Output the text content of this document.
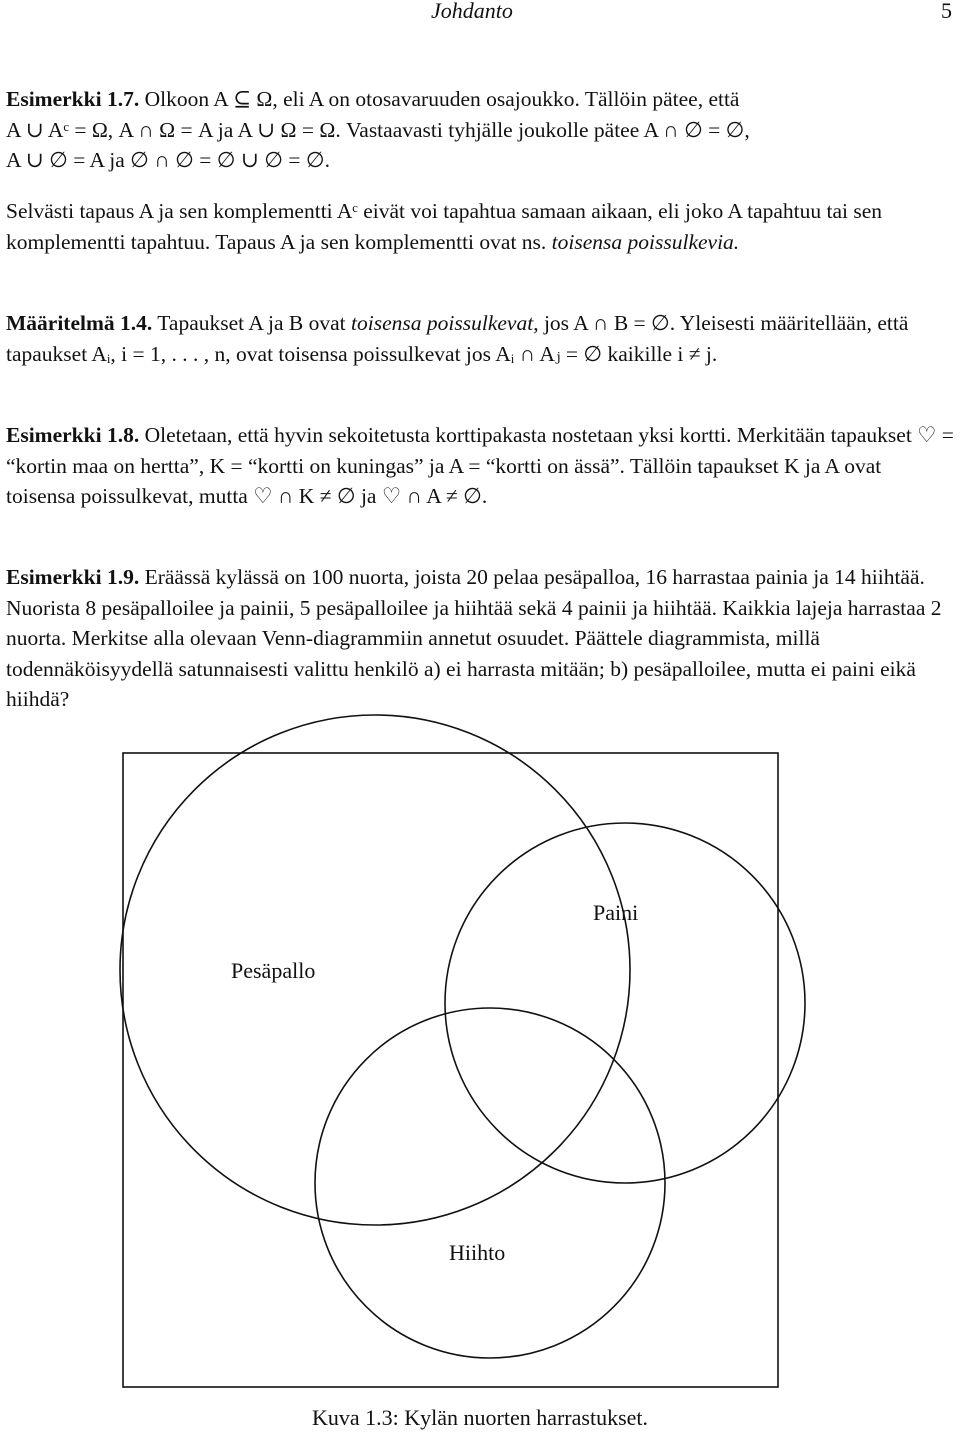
Johdanto	5

Esimerkki 1.7. Olkoon A ⊆ Ω, eli A on otosavaruuden osajoukko. Tällöin pätee, että
A ∪ Aᶜ = Ω, A ∩ Ω = A ja A ∪ Ω = Ω. Vastaavasti tyhjälle joukolle pätee A ∩ ∅ = ∅,
A ∪ ∅ = A ja ∅ ∩ ∅ = ∅ ∪ ∅ = ∅.

Selvästi tapaus A ja sen komplementti Aᶜ eivät voi tapahtua samaan aikaan, eli joko A tapahtuu tai sen komplementti tapahtuu. Tapaus A ja sen komplementti ovat ns. toisensa poissulkevia.

Määritelmä 1.4. Tapaukset A ja B ovat toisensa poissulkevat, jos A ∩ B = ∅. Yleisesti määritellään, että tapaukset Aᵢ, i = 1, . . . , n, ovat toisensa poissulkevat jos Aᵢ ∩ Aⱼ = ∅ kaikille i ≠ j.

Esimerkki 1.8. Oletetaan, että hyvin sekoitetusta korttipakasta nostetaan yksi kortti. Merkitään tapaukset ♡ = “kortin maa on hertta”, K = “kortti on kuningas” ja A = “kortti on ässä”. Tällöin tapaukset K ja A ovat toisensa poissulkevat, mutta ♡ ∩ K ≠ ∅ ja ♡ ∩ A ≠ ∅.

Esimerkki 1.9. Eräässä kylässä on 100 nuorta, joista 20 pelaa pesäpalloa, 16 harrastaa painia ja 14 hiihtää. Nuorista 8 pesäpalloilee ja painii, 5 pesäpalloilee ja hiihtää sekä 4 painii ja hiihtää. Kaikkia lajeja harrastaa 2 nuorta. Merkitse alla olevaan Venn-diagrammiin annetut osuudet. Päättele diagrammista, millä todennäköisyydellä satunnaisesti valittu henkilö a) ei harrasta mitään; b) pesäpalloilee, mutta ei paini eikä hiihdä?

Pesäpallo
Paini
Hiihto
Kuva 1.3: Kylän nuorten harrastukset.
